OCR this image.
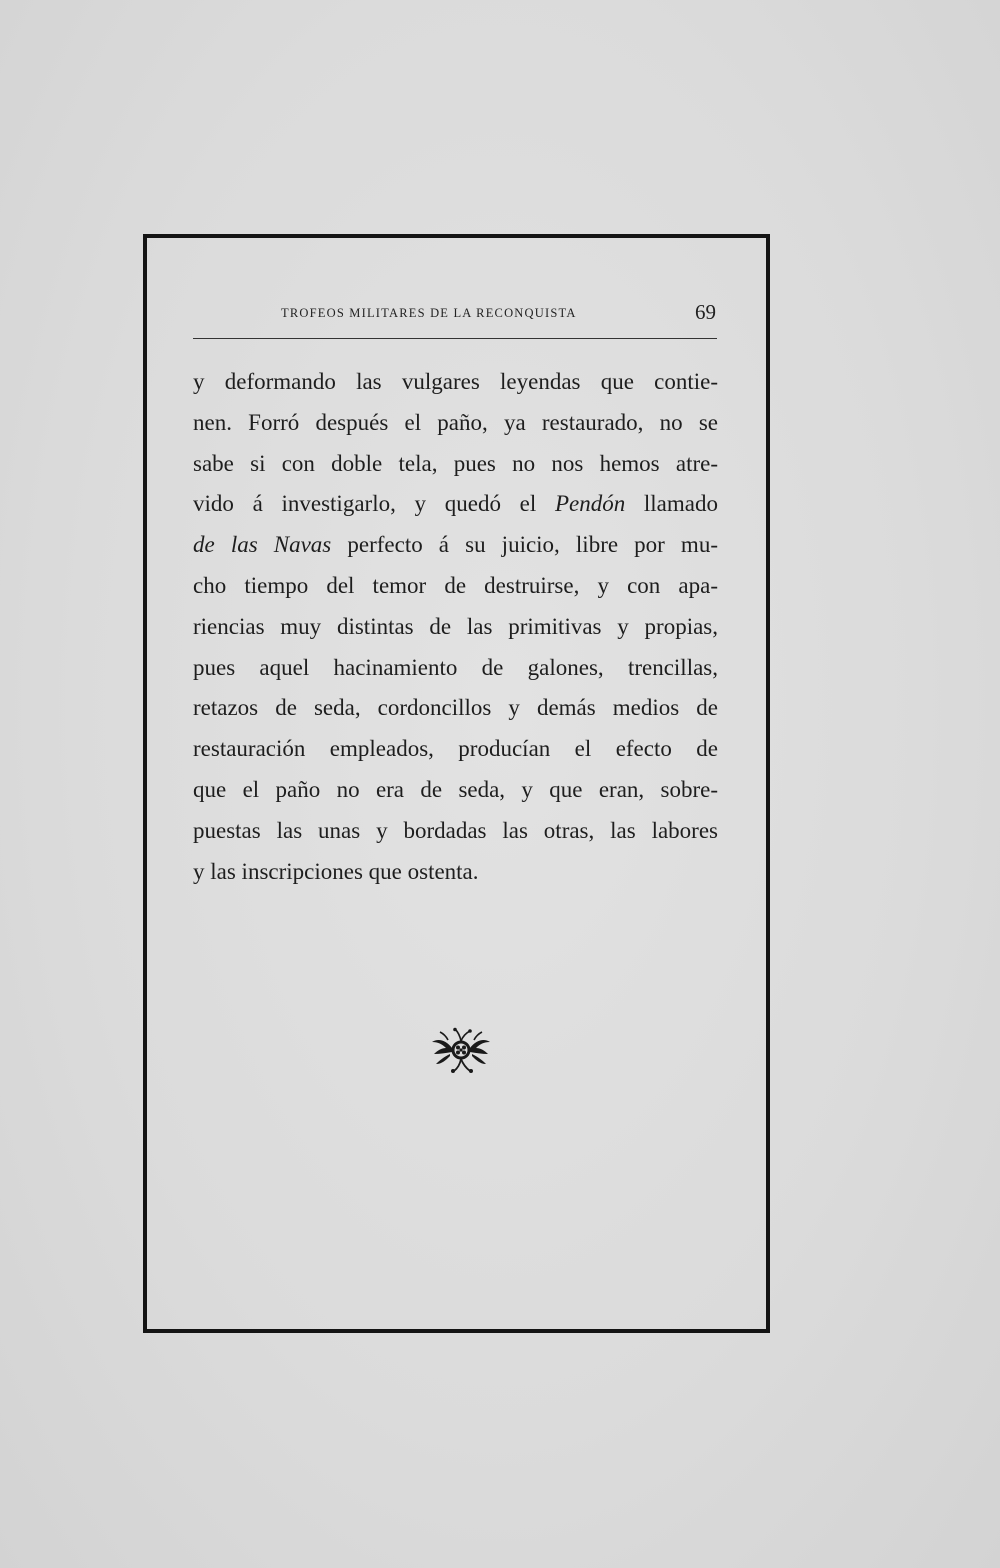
TROFEOS MILITARES DE LA RECONQUISTA	69
y deformando las vulgares leyendas que contie-
nen. Forró después el paño, ya restaurado, no se
sabe si con doble tela, pues no nos hemos atre-
vido á investigarlo, y quedó el Pendón llamado
de las Navas perfecto á su juicio, libre por mu-
cho tiempo del temor de destruirse, y con apa-
riencias muy distintas de las primitivas y propias,
pues aquel hacinamiento de galones, trencillas,
retazos de seda, cordoncillos y demás medios de
restauración empleados, producían el efecto de
que el paño no era de seda, y que eran, sobre-
puestas las unas y bordadas las otras, las labores
y las inscripciones que ostenta.
